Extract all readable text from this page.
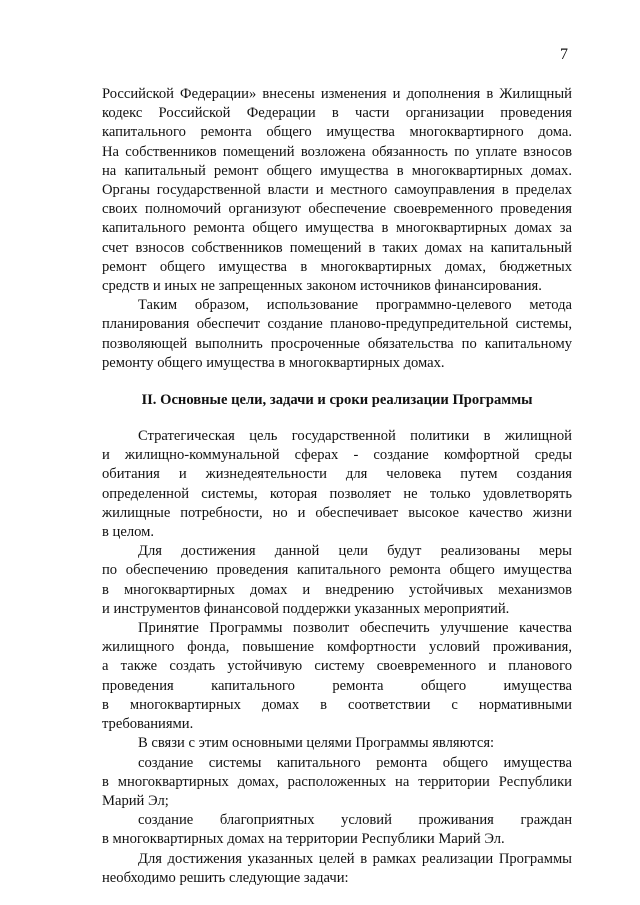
7

Российской Федерации» внесены изменения и дополнения в Жилищный

кодекс Российской Федерации в части организации проведения

капитального ремонта общего имущества многоквартирного дома.

На собственников помещений возложена обязанность по уплате взносов

на капитальный ремонт общего имущества в многоквартирных домах.

Органы государственной власти и местного самоуправления в пределах

своих полномочий организуют обеспечение своевременного проведения

капитального ремонта общего имущества в многоквартирных домах за

счет взносов собственников помещений в таких домах на капитальный

ремонт общего имущества в многоквартирных домах, бюджетных

средств и иных не запрещенных законом источников финансирования.

Таким образом, использование программно-целевого метода

планирования обеспечит создание планово-предупредительной системы,

позволяющей выполнить просроченные обязательства по капитальному

ремонту общего имущества в многоквартирных домах.

II. Основные цели, задачи и сроки реализации Программы

Стратегическая цель государственной политики в жилищной

и жилищно-коммунальной сферах - создание комфортной среды

обитания и жизнедеятельности для человека путем создания

определенной системы, которая позволяет не только удовлетворять

жилищные потребности, но и обеспечивает высокое качество жизни

в целом.

Для достижения данной цели будут реализованы меры

по обеспечению проведения капитального ремонта общего имущества

в многоквартирных домах и внедрению устойчивых механизмов

и инструментов финансовой поддержки указанных мероприятий.

Принятие Программы позволит обеспечить улучшение качества

жилищного фонда, повышение комфортности условий проживания,

а также создать устойчивую систему своевременного и планового

проведения капитального ремонта общего имущества

в многоквартирных домах в соответствии с нормативными

требованиями.

В связи с этим основными целями Программы являются:

создание системы капитального ремонта общего имущества

в многоквартирных домах, расположенных на территории Республики

Марий Эл;

создание благоприятных условий проживания граждан

в многоквартирных домах на территории Республики Марий Эл.

Для достижения указанных целей в рамках реализации Программы

необходимо решить следующие задачи:
